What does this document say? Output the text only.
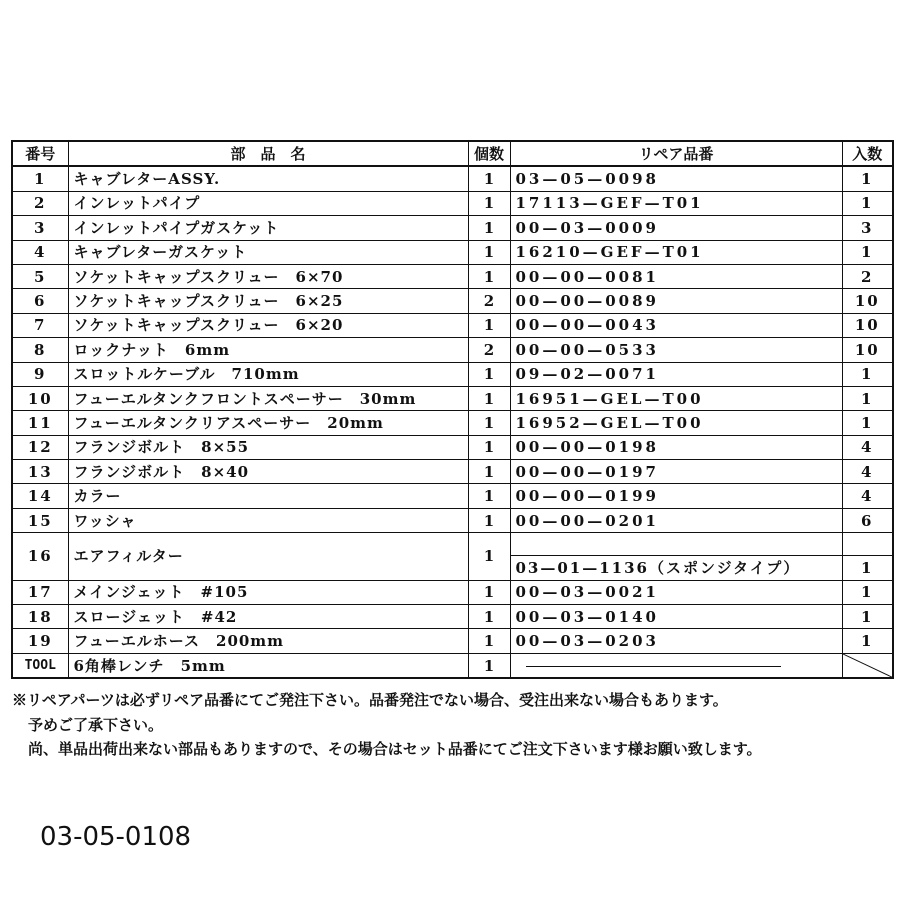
番号	部　品　名	個数	リペア品番	入数
1	キャブレターASSY.	1	03—05—0098	1
2	インレットパイプ	1	17113—GEF—T01	1
3	インレットパイプガスケット	1	00—03—0009	3
4	キャブレターガスケット	1	16210—GEF—T01	1
5	ソケットキャップスクリュー　6×70	1	00—00—0081	2
6	ソケットキャップスクリュー　6×25	2	00—00—0089	10
7	ソケットキャップスクリュー　6×20	1	00—00—0043	10
8	ロックナット　6mm	2	00—00—0533	10
9	スロットルケーブル　710mm	1	09—02—0071	1
10	フューエルタンクフロントスペーサー　30mm	1	16951—GEL—T00	1
11	フューエルタンクリアスペーサー　20mm	1	16952—GEL—T00	1
12	フランジボルト　8×55	1	00—00—0198	4
13	フランジボルト　8×40	1	00—00—0197	4
14	カラー	1	00—00—0199	4
15	ワッシャ	1	00—00—0201	6
16	エアフィルター	1		
			03—01—1136（スポンジタイプ）	1
17	メインジェット　#105	1	00—03—0021	1
18	スロージェット　#42	1	00—03—0140	1
19	フューエルホース　200mm	1	00—03—0203	1
TOOL	6角棒レンチ　5mm	1		
※リペアパーツは必ずリペア品番にてご発注下さい。品番発注でない場合、受注出来ない場合もあります。
予めご了承下さい。
尚、単品出荷出来ない部品もありますので、その場合はセット品番にてご注文下さいます様お願い致します。
03-05-0108
